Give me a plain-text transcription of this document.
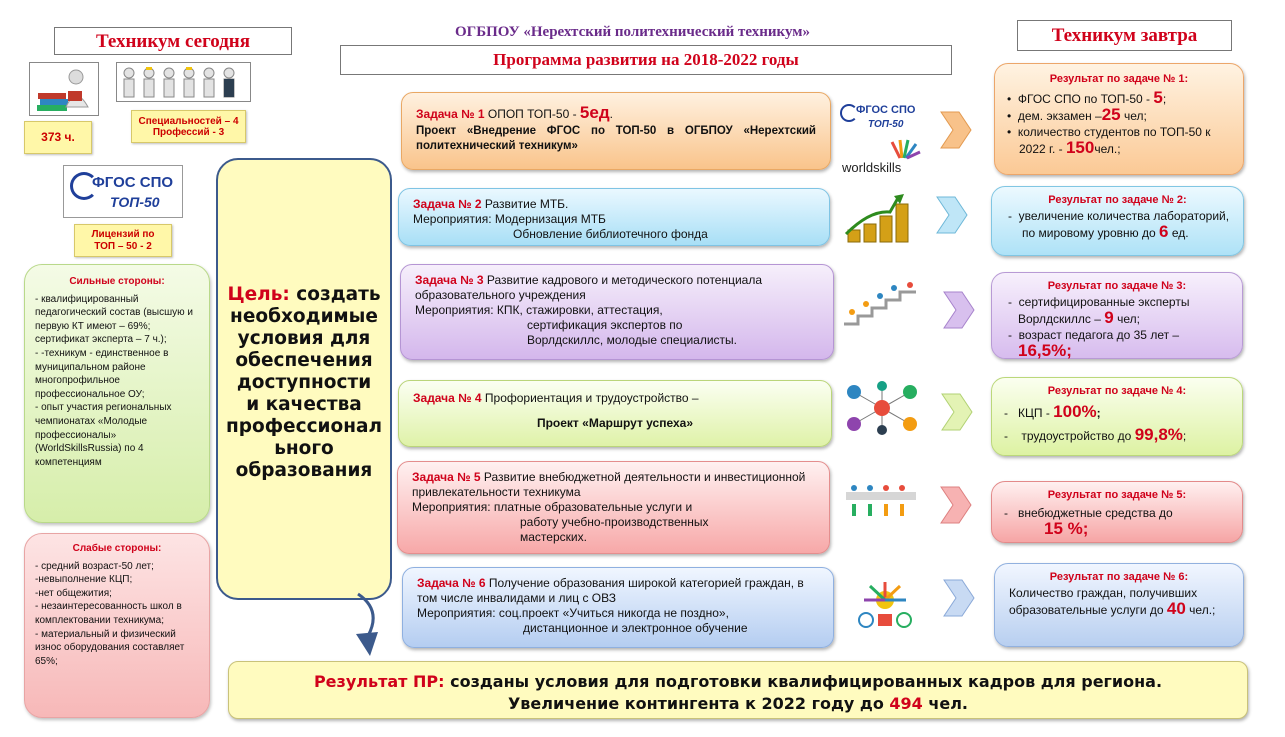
Техникум сегодня	Техникум завтра
ОГБПОУ «Нерехтский политехнический техникум»
Программа развития на 2018-2022 годы
373 ч.
Специальностей – 4
Профессий - 3
ФГОС СПО
ТОП-50
Лицензий по
ТОП – 50 - 2
Сильные стороны:
- квалифицированный педагогический состав (высшую и первую КТ имеют – 69%; сертификат эксперта – 7 ч.);
- -техникум - единственное в муниципальном районе многопрофильное профессиональное ОУ;
- опыт участия региональных чемпионатах «Молодые профессионалы» (WorldSkillsRussia) по 4 компетенциям
Слабые стороны:
- средний возраст-50 лет;
-невыполнение КЦП;
-нет общежития;
- незаинтересованность школ в комплектовании техникума;
- материальный и физический износ оборудования составляет 65%;
Цель: создать
необходимые
условия для
обеспечения
доступности
и качества
профессионал
ьного
образования
Задача № 1 ОПОП ТОП-50 - 5ед.
Проект «Внедрение ФГОС по ТОП-50 в ОГБПОУ «Нерехтский политехнический техникум»
Задача № 2 Развитие МТБ.
Мероприятия: Модернизация МТБ
Обновление библиотечного фонда
Задача № 3 Развитие кадрового и методического потенциала образовательного учреждения
Мероприятия: КПК, стажировки, аттестация,
сертификация экспертов по
Ворлдскиллс, молодые специалисты.
Задача № 4 Профориентация и трудоустройство –
Проект «Маршрут успеха»
Задача № 5 Развитие внебюджетной деятельности и инвестиционной привлекательности техникума
Мероприятия: платные образовательные услуги и
работу учебно-производственных
мастерских.
Задача № 6 Получение образования широкой категорией граждан, в том числе инвалидами и лиц с ОВЗ
Мероприятия: соц.проект «Учиться никогда не поздно»,
дистанционное и электронное обучение
ФГОС СПО
ТОП-50
worldskills
Результат по задаче № 1:
•  ФГОС СПО по ТОП-50 - 5;
•  дем. экзамен –25 чел;
•  количество студентов по ТОП-50 к 2022 г. - 150чел.;
Результат по задаче № 2:
-  увеличение количества лабораторий, по мировому уровню до 6 ед.
Результат по задаче № 3:
-  сертифицированные эксперты Ворлдскиллс – 9 чел;
-  возраст педагога до 35 лет – 16,5%;
Результат по задаче № 4:
-   КЦП - 100%;
-    трудоустройство до 99,8%;
Результат по задаче № 5:
-   внебюджетные средства до
15 %;
Результат по задаче № 6:
Количество граждан, получивших образовательные услуги до 40 чел.;
Результат ПР: созданы условия для подготовки квалифицированных кадров для региона.
Увеличение контингента к 2022 году до 494 чел.
